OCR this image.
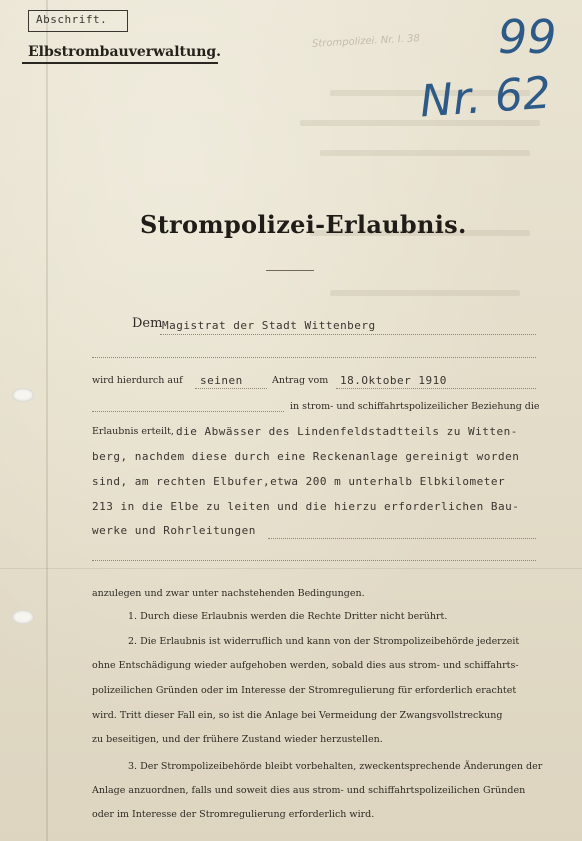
Abschrift.
Elbstrombauverwaltung.
Strompolizei. Nr. I. 38 99
Nr. 62
Strompolizei-Erlaubnis.
Dem Magistrat der Stadt Wittenberg
wird hierdurch auf seinen	Antrag vom 18.Oktober 1910
in strom- und schiffahrtspolizeilicher Beziehung die
Erlaubnis erteilt, die Abwässer des Lindenfeldstadtteils zu Witten-
berg, nachdem diese durch eine Reckenanlage gereinigt worden
sind, am rechten Elbufer,etwa 200 m unterhalb Elbkilometer
213 in die Elbe zu leiten und die hierzu erforderlichen Bau-
werke und Rohrleitungen
anzulegen und zwar unter nachstehenden Bedingungen.
1. Durch diese Erlaubnis werden die Rechte Dritter nicht berührt.
2. Die Erlaubnis ist widerruflich und kann von der Strompolizeibehörde jederzeit
ohne Entschädigung wieder aufgehoben werden, sobald dies aus strom- und schiffahrts-
polizeilichen Gründen oder im Interesse der Stromregulierung für erforderlich erachtet
wird. Tritt dieser Fall ein, so ist die Anlage bei Vermeidung der Zwangsvollstreckung
zu beseitigen, und der frühere Zustand wieder herzustellen.
3. Der Strompolizeibehörde bleibt vorbehalten, zweckentsprechende Änderungen der
Anlage anzuordnen, falls und soweit dies aus strom- und schiffahrtspolizeilichen Gründen
oder im Interesse der Stromregulierung erforderlich wird.
